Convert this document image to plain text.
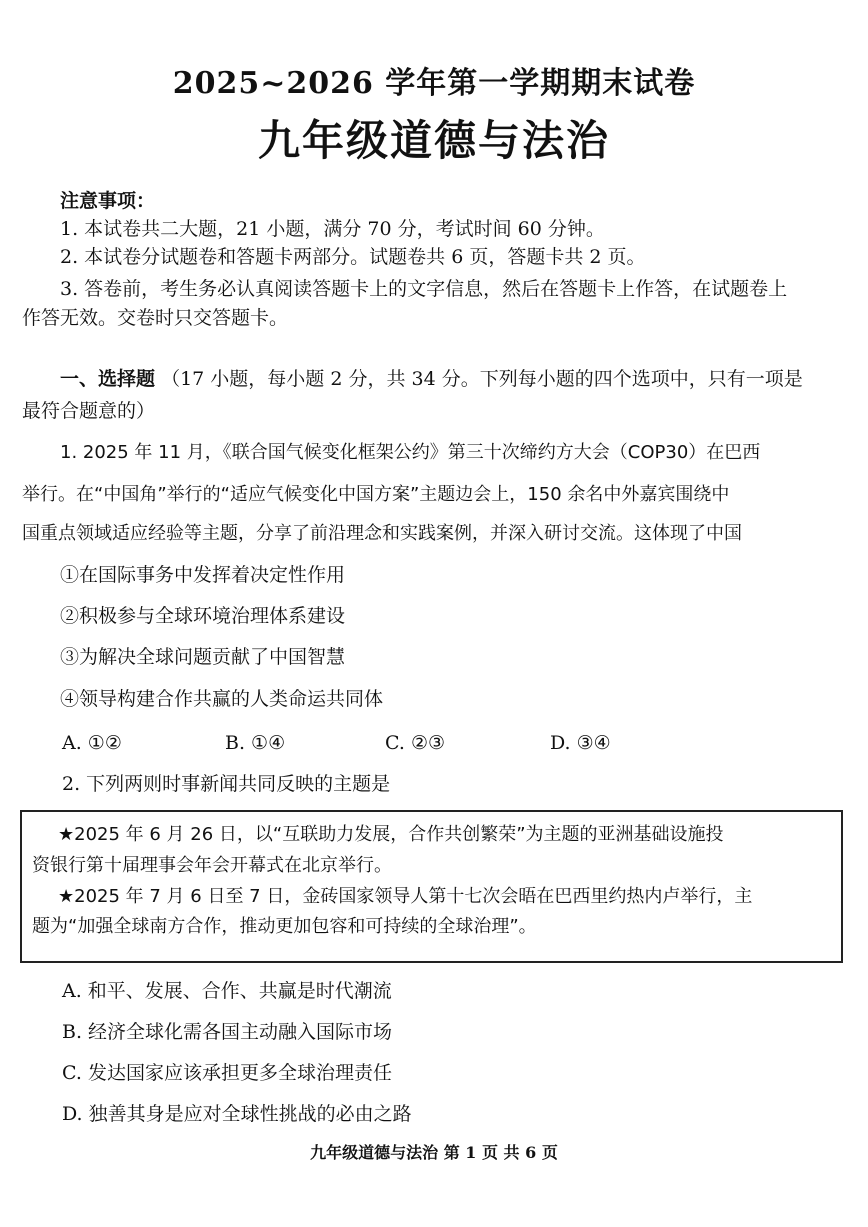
2025~2026 学年第一学期期末试卷
九年级道德与法治
注意事项：
1. 本试卷共二大题，21 小题，满分 70 分，考试时间 60 分钟。
2. 本试卷分试题卷和答题卡两部分。试题卷共 6 页，答题卡共 2 页。
3. 答卷前，考生务必认真阅读答题卡上的文字信息，然后在答题卡上作答，在试题卷上
作答无效。交卷时只交答题卡。
一、选择题 （17 小题，每小题 2 分，共 34 分。下列每小题的四个选项中，只有一项是
最符合题意的）
1. 2025 年 11 月，《联合国气候变化框架公约》第三十次缔约方大会（COP30）在巴西
举行。在“中国角”举行的“适应气候变化中国方案”主题边会上，150 余名中外嘉宾围绕中
国重点领域适应经验等主题，分享了前沿理念和实践案例，并深入研讨交流。这体现了中国
①在国际事务中发挥着决定性作用
②积极参与全球环境治理体系建设
③为解决全球问题贡献了中国智慧
④领导构建合作共赢的人类命运共同体
A. ①②	B. ①④	C. ②③	D. ③④
2. 下列两则时事新闻共同反映的主题是
★2025 年 6 月 26 日，以“互联助力发展，合作共创繁荣”为主题的亚洲基础设施投
资银行第十届理事会年会开幕式在北京举行。
★2025 年 7 月 6 日至 7 日，金砖国家领导人第十七次会晤在巴西里约热内卢举行，主
题为“加强全球南方合作，推动更加包容和可持续的全球治理”。
A. 和平、发展、合作、共赢是时代潮流
B. 经济全球化需各国主动融入国际市场
C. 发达国家应该承担更多全球治理责任
D. 独善其身是应对全球性挑战的必由之路
九年级道德与法治 第 1 页 共 6 页
